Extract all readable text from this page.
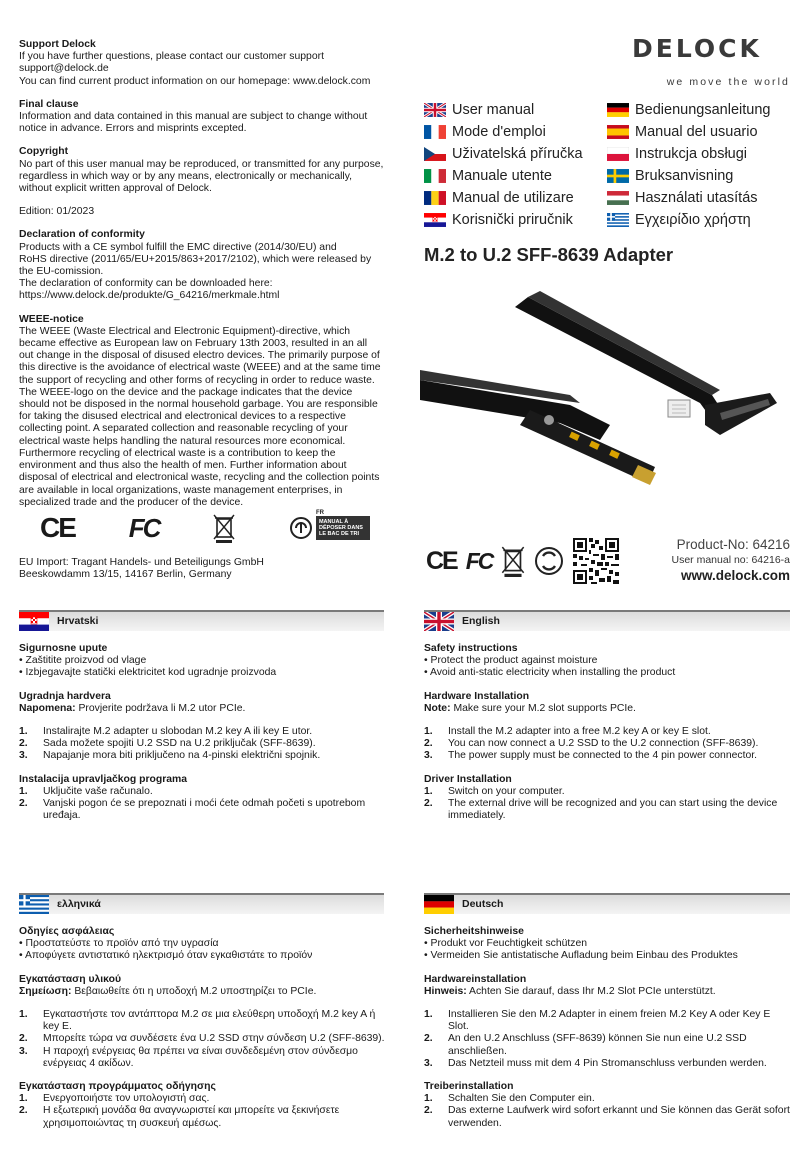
Support Delock

If you have further questions, please contact our customer support

support@delock.de

You can find current product information on our homepage: www.delock.com

Final clause

Information and data contained in this manual are subject to change without notice in advance. Errors and misprints excepted.

Copyright

No part of this user manual may be reproduced, or transmitted for any purpose, regardless in which way or by any means, electronically or mechanically, without explicit written approval of Delock.

Edition: 01/2023

Declaration of conformity

Products with a CE symbol fulfill the EMC directive (2014/30/EU) and

RoHS directive (2011/65/EU+2015/863+2017/2102), which were released by the EU-comission.

The declaration of conformity can be downloaded here:

https://www.delock.de/produkte/G_64216/merkmale.html

WEEE-notice

The WEEE (Waste Electrical and Electronic Equipment)-directive, which became effective as European law on February 13th 2003, resulted in an all out change in the disposal of disused electro devices. The primarily purpose of this directive is the avoidance of electrical waste (WEEE) and at the same time the support of recycling and other forms of recycling in order to reduce waste. The WEEE-logo on the device and the package indicates that the device should not be disposed in the normal household garbage. You are responsible for taking the disused electrical and electronical devices to a respective collecting point. A separated collection and reasonable recycling of your electrical waste helps handling the natural resources more economical. Furthermore recycling of electrical waste is a contribution to keep the environment and thus also the health of men. Further information about disposal of electrical and electronical waste, recycling and the collection points are available in local organizations, waste management enterprises, in specialized trade and the producer of the device.

CE FC	FR
MANUAL À DÉPOSER DANS LE BAC DE TRI

EU Import: Tragant Handels- und Beteiligungs GmbH

Beeskowdamm 13/15, 14167 Berlin, Germany

DELOCK
we move the world
User manual	Bedienungsanleitung
Mode d'emploi	Manual del usuario
Uživatelská příručka	Instrukcja obsługi
Manuale utente	Bruksanvisning
Manual de utilizare	Használati utasítás
Korisnički priručnik	Εγχειρίδιο χρήστη
M.2 to U.2 SFF-8639 Adapter
CE FC
Product-No: 64216
User manual no: 64216-a
www.delock.com
Hrvatski

Sigurnosne upute

• Zaštitite proizvod od vlage

• Izbjegavajte statički elektricitet kod ugradnje proizvoda

Ugradnja hardvera

Napomena: Provjerite podržava li M.2 utor PCIe.

1.	Instalirajte M.2 adapter u slobodan M.2 key A ili key E utor.
2.	Sada možete spojiti U.2 SSD na U.2 priključak (SFF-8639).
3.	Napajanje mora biti priključeno na 4-pinski električni spojnik.

Instalacija upravljačkog programa

1.	Uključite vaše računalo.
2.	Vanjski pogon će se prepoznati i moći ćete odmah početi s upotrebom uređaja.
English

Safety instructions

• Protect the product against moisture

• Avoid anti-static electricity when installing the product

Hardware Installation

Note: Make sure your M.2 slot supports PCIe.

1.	Install the M.2 adapter into a free M.2 key A or key E slot.
2.	You can now connect a U.2 SSD to the U.2 connection (SFF-8639).
3.	The power supply must be connected to the 4 pin power connector.

Driver Installation

1.	Switch on your computer.
2.	The external drive will be recognized and you can start using the device immediately.
ελληνικά

Οδηγίες ασφάλειας

• Προστατεύστε το προϊόν από την υγρασία

• Αποφύγετε αντιστατικό ηλεκτρισμό όταν εγκαθιστάτε το προϊόν

Εγκατάσταση υλικού

Σημείωση: Βεβαιωθείτε ότι η υποδοχή M.2 υποστηρίζει το PCIe.

1.	Εγκαταστήστε τον αντάπτορα M.2 σε μια ελεύθερη υποδοχή M.2 key A ή key E.
2.	Μπορείτε τώρα να συνδέσετε ένα U.2 SSD στην σύνδεση U.2 (SFF-8639).
3.	Η παροχή ενέργειας θα πρέπει να είναι συνδεδεμένη στον σύνδεσμο ενέργειας 4 ακίδων.

Εγκατάσταση προγράμματος οδήγησης

1.	Ενεργοποιήστε τον υπολογιστή σας.
2.	Η εξωτερική μονάδα θα αναγνωριστεί και μπορείτε να ξεκινήσετε χρησιμοποιώντας τη συσκευή αμέσως.
Deutsch

Sicherheitshinweise

• Produkt vor Feuchtigkeit schützen

• Vermeiden Sie antistatische Aufladung beim Einbau des Produktes

Hardwareinstallation

Hinweis: Achten Sie darauf, dass Ihr M.2 Slot PCIe unterstützt.

1.	Installieren Sie den M.2 Adapter in einem freien M.2 Key A oder Key E Slot.
2.	An den U.2 Anschluss (SFF-8639) können Sie nun eine U.2 SSD anschließen.
3.	Das Netzteil muss mit dem 4 Pin Stromanschluss verbunden werden.

Treiberinstallation

1.	Schalten Sie den Computer ein.
2.	Das externe Laufwerk wird sofort erkannt und Sie können das Gerät sofort verwenden.
